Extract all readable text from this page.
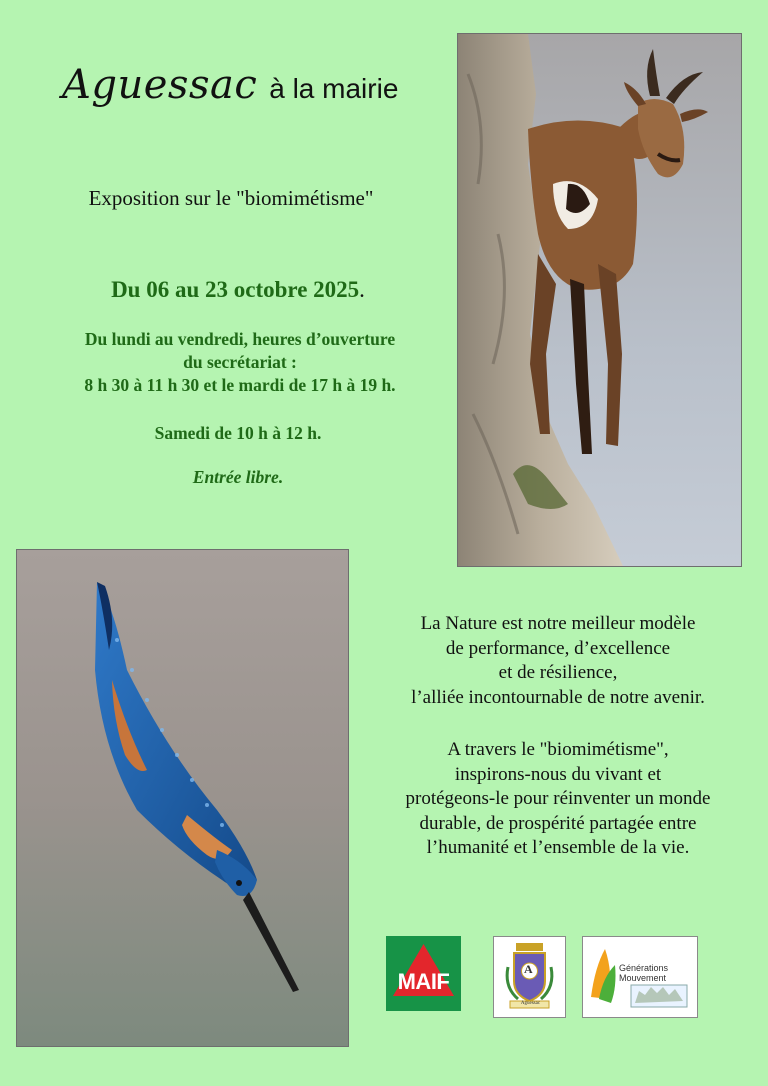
Aguessac à la mairie
Exposition sur le "biomimétisme"
Du 06 au 23 octobre 2025.
Du lundi au vendredi, heures d’ouverture
du secrétariat :
8 h 30 à 11 h 30 et le mardi de 17 h à 19 h.
Samedi de 10 h à 12 h.
Entrée libre.
La Nature est notre meilleur modèle
de performance, d’excellence
et de résilience,
l’alliée incontournable de notre avenir.
A travers le "biomimétisme",
inspirons-nous du vivant et
protégeons-le pour réinventer un monde
durable, de prospérité partagée entre
l’humanité et l’ensemble de la vie.
MAIF	A
Aguessac
Générations
Mouvement
